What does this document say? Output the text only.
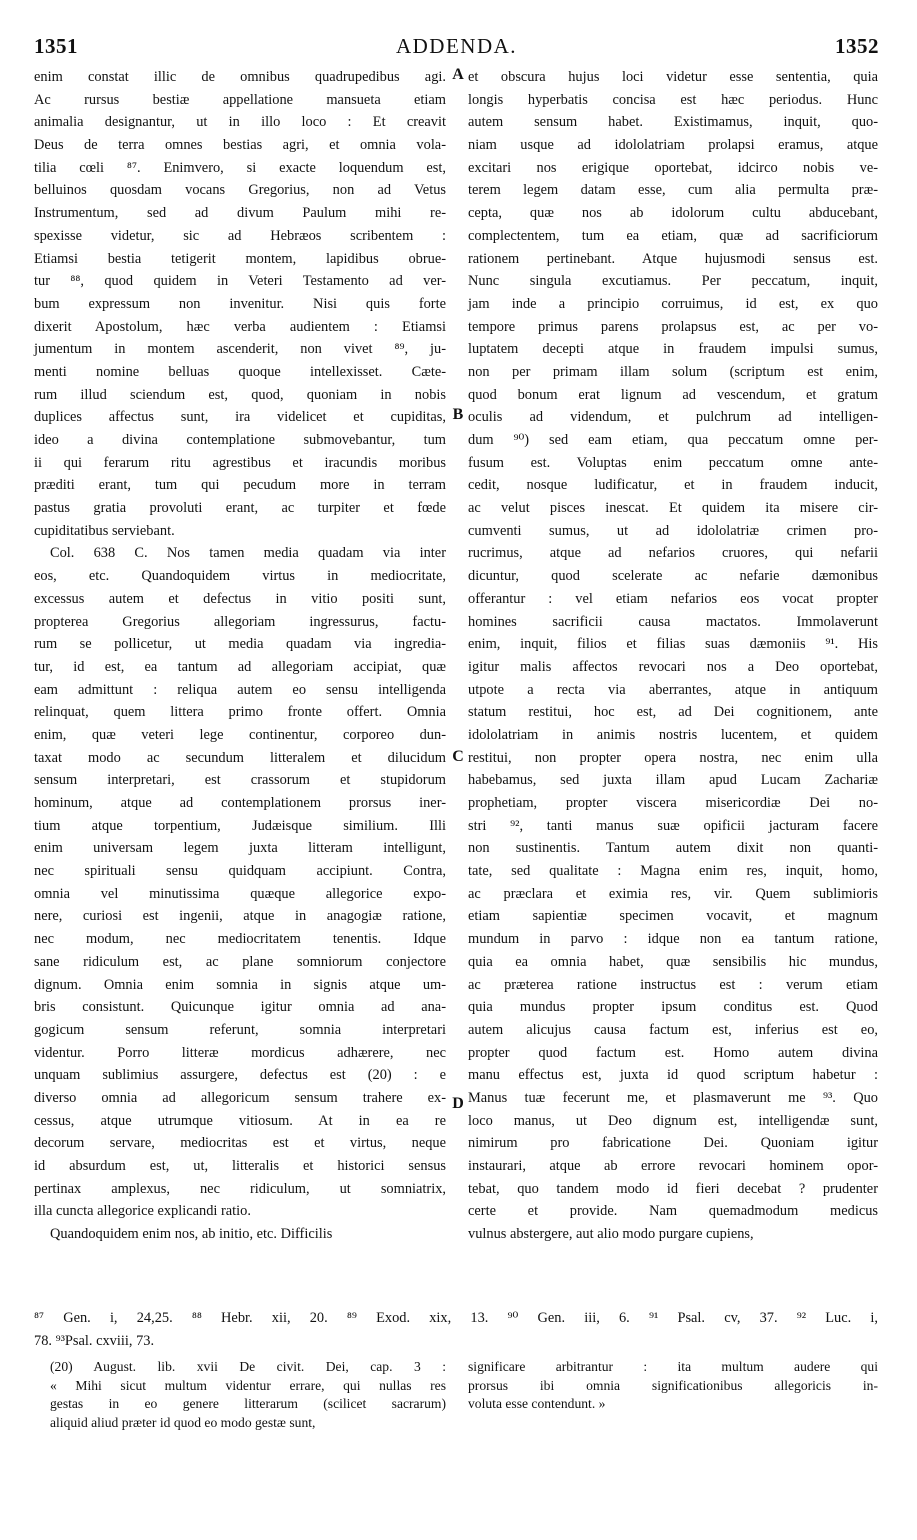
1351	ADDENDA.	1352
enim constat illic de omnibus quadrupedibus agi.
Ac rursus bestiæ appellatione mansueta etiam
animalia designantur, ut in illo loco : Et creavit
Deus de terra omnes bestias agri, et omnia vola-
tilia cœli ⁸⁷. Enimvero, si exacte loquendum est,
belluinos quosdam vocans Gregorius, non ad Vetus
Instrumentum, sed ad divum Paulum mihi re-
spexisse videtur, sic ad Hebræos scribentem :
Etiamsi bestia tetigerit montem, lapidibus obrue-
tur ⁸⁸, quod quidem in Veteri Testamento ad ver-
bum expressum non invenitur. Nisi quis forte
dixerit Apostolum, hæc verba audientem : Etiamsi
jumentum in montem ascenderit, non vivet ⁸⁹, ju-
menti nomine belluas quoque intellexisset. Cæte-
rum illud sciendum est, quod, quoniam in nobis
duplices affectus sunt, ira videlicet et cupiditas,
ideo a divina contemplatione submovebantur, tum
ii qui ferarum ritu agrestibus et iracundis moribus
præditi erant, tum qui pecudum more in terram
pastus gratia provoluti erant, ac turpiter et fœde
cupiditatibus serviebant.
Col. 638 C. Nos tamen media quadam via inter
eos, etc. Quandoquidem virtus in mediocritate,
excessus autem et defectus in vitio positi sunt,
propterea Gregorius allegoriam ingressurus, factu-
rum se pollicetur, ut media quadam via ingredia-
tur, id est, ea tantum ad allegoriam accipiat, quæ
eam admittunt : reliqua autem eo sensu intelligenda
relinquat, quem littera primo fronte offert. Omnia
enim, quæ veteri lege continentur, corporeo dun-
taxat modo ac secundum litteralem et dilucidum
sensum interpretari, est crassorum et stupidorum
hominum, atque ad contemplationem prorsus iner-
tium atque torpentium, Judæisque similium. Illi
enim universam legem juxta litteram intelligunt,
nec spirituali sensu quidquam accipiunt. Contra,
omnia vel minutissima quæque allegorice expo-
nere, curiosi est ingenii, atque in anagogiæ ratione,
nec modum, nec mediocritatem tenentis. Idque
sane ridiculum est, ac plane somniorum conjectore
dignum. Omnia enim somnia in signis atque um-
bris consistunt. Quicunque igitur omnia ad ana-
gogicum sensum referunt, somnia interpretari
videntur. Porro litteræ mordicus adhærere, nec
unquam sublimius assurgere, defectus est (20) : e
diverso omnia ad allegoricum sensum trahere ex-
cessus, atque utrumque vitiosum. At in ea re
decorum servare, mediocritas est et virtus, neque
id absurdum est, ut, litteralis et historici sensus
pertinax amplexus, nec ridiculum, ut somniatrix,
illa cuncta allegorice explicandi ratio.
Quandoquidem enim nos, ab initio, etc. Difficilis
et obscura hujus loci videtur esse sententia, quia
longis hyperbatis concisa est hæc periodus. Hunc
autem sensum habet. Existimamus, inquit, quo-
niam usque ad idololatriam prolapsi eramus, atque
excitari nos erigique oportebat, idcirco nobis ve-
terem legem datam esse, cum alia permulta præ-
cepta, quæ nos ab idolorum cultu abducebant,
complectentem, tum ea etiam, quæ ad sacrificiorum
rationem pertinebant. Atque hujusmodi sensus est.
Nunc singula excutiamus. Per peccatum, inquit,
jam inde a principio corruimus, id est, ex quo
tempore primus parens prolapsus est, ac per vo-
luptatem decepti atque in fraudem impulsi sumus,
non per primam illam solum (scriptum est enim,
quod bonum erat lignum ad vescendum, et gratum
oculis ad videndum, et pulchrum ad intelligen-
dum ⁹⁰) sed eam etiam, qua peccatum omne per-
fusum est. Voluptas enim peccatum omne ante-
cedit, nosque ludificatur, et in fraudem inducit,
ac velut pisces inescat. Et quidem ita misere cir-
cumventi sumus, ut ad idololatriæ crimen pro-
rucrimus, atque ad nefarios cruores, qui nefarii
dicuntur, quod scelerate ac nefarie dæmonibus
offerantur : vel etiam nefarios eos vocat propter
homines sacrificii causa mactatos. Immolaverunt
enim, inquit, filios et filias suas dæmoniis ⁹¹. His
igitur malis affectos revocari nos a Deo oportebat,
utpote a recta via aberrantes, atque in antiquum
statum restitui, hoc est, ad Dei cognitionem, ante
idololatriam in animis nostris lucentem, et quidem
restitui, non propter opera nostra, nec enim ulla
habebamus, sed juxta illam apud Lucam Zachariæ
prophetiam, propter viscera misericordiæ Dei no-
stri ⁹², tanti manus suæ opificii jacturam facere
non sustinentis. Tantum autem dixit non quanti-
tate, sed qualitate : Magna enim res, inquit, homo,
ac præclara et eximia res, vir. Quem sublimioris
etiam sapientiæ specimen vocavit, et magnum
mundum in parvo : idque non ea tantum ratione,
quia ea omnia habet, quæ sensibilis hic mundus,
ac præterea ratione instructus est : verum etiam
quia mundus propter ipsum conditus est. Quod
autem alicujus causa factum est, inferius est eo,
propter quod factum est. Homo autem divina
manu effectus est, juxta id quod scriptum habetur :
Manus tuæ fecerunt me, et plasmaverunt me ⁹³. Quo
loco manus, ut Deo dignum est, intelligendæ sunt,
nimirum pro fabricatione Dei. Quoniam igitur
instaurari, atque ab errore revocari hominem opor-
tebat, quo tandem modo id fieri decebat ? prudenter
certe et provide. Nam quemadmodum medicus
vulnus abstergere, aut alio modo purgare cupiens,
A
B
C
D
⁸⁷ Gen. i, 24,25. ⁸⁸ Hebr. xii, 20. ⁸⁹ Exod. xix, 13. ⁹⁰ Gen. iii, 6. ⁹¹ Psal. cv, 37. ⁹² Luc. i,
78. ⁹³Psal. cxviii, 73.
(20) August. lib. xvii De civit. Dei, cap. 3 :
« Mihi sicut multum videntur errare, qui nullas res
gestas in eo genere litterarum (scilicet sacrarum)
aliquid aliud præter id quod eo modo gestæ sunt,
significare arbitrantur : ita multum audere qui
prorsus ibi omnia significationibus allegoricis in-
voluta esse contendunt. »
